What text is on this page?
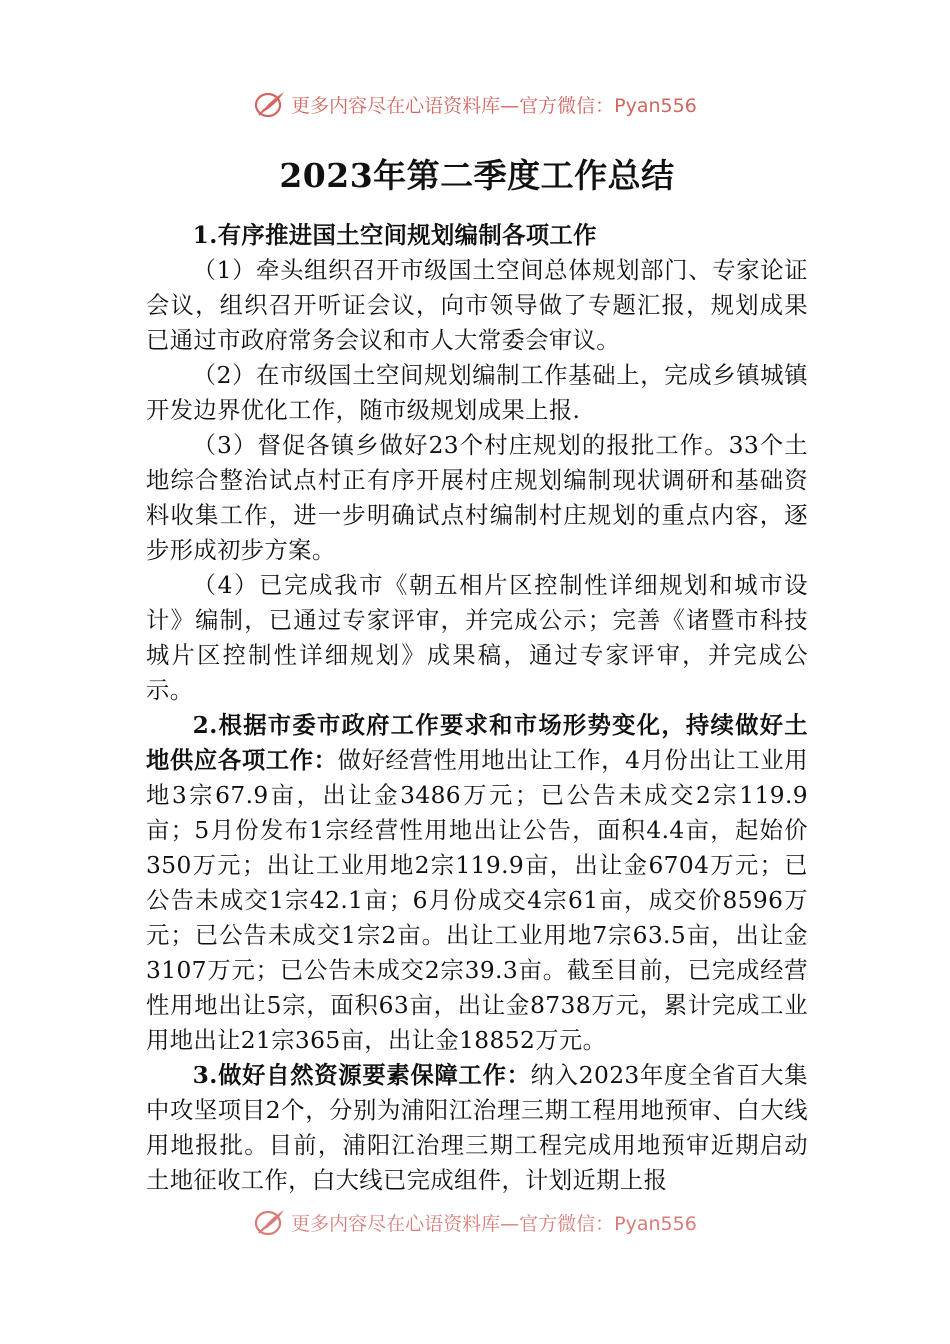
更多内容尽在心语资料库—官方微信：Pyan556
2023年第二季度工作总结

1.有序推进国土空间规划编制各项工作

（1）牵头组织召开市级国土空间总体规划部门、专家论证会议，组织召开听证会议，向市领导做了专题汇报，规划成果已通过市政府常务会议和市人大常委会审议。

（2）在市级国土空间规划编制工作基础上，完成乡镇城镇开发边界优化工作，随市级规划成果上报.

（3）督促各镇乡做好23个村庄规划的报批工作。33个土地综合整治试点村正有序开展村庄规划编制现状调研和基础资料收集工作，进一步明确试点村编制村庄规划的重点内容，逐步形成初步方案。

（4）已完成我市《朝五相片区控制性详细规划和城市设计》编制，已通过专家评审，并完成公示；完善《诸暨市科技城片区控制性详细规划》成果稿，通过专家评审，并完成公示。

2.根据市委市政府工作要求和市场形势变化，持续做好土地供应各项工作：做好经营性用地出让工作，4月份出让工业用地3宗67.9亩，出让金3486万元；已公告未成交2宗119.9亩；5月份发布1宗经营性用地出让公告，面积4.4亩，起始价350万元；出让工业用地2宗119.9亩，出让金6704万元；已公告未成交1宗42.1亩；6月份成交4宗61亩，成交价8596万元；已公告未成交1宗2亩。出让工业用地7宗63.5亩，出让金3107万元；已公告未成交2宗39.3亩。截至目前，已完成经营性用地出让5宗，面积63亩，出让金8738万元，累计完成工业用地出让21宗365亩，出让金18852万元。

3.做好自然资源要素保障工作：纳入2023年度全省百大集中攻坚项目2个，分别为浦阳江治理三期工程用地预审、白大线用地报批。目前，浦阳江治理三期工程完成用地预审近期启动土地征收工作，白大线已完成组件，计划近期上报

更多内容尽在心语资料库—官方微信：Pyan556
